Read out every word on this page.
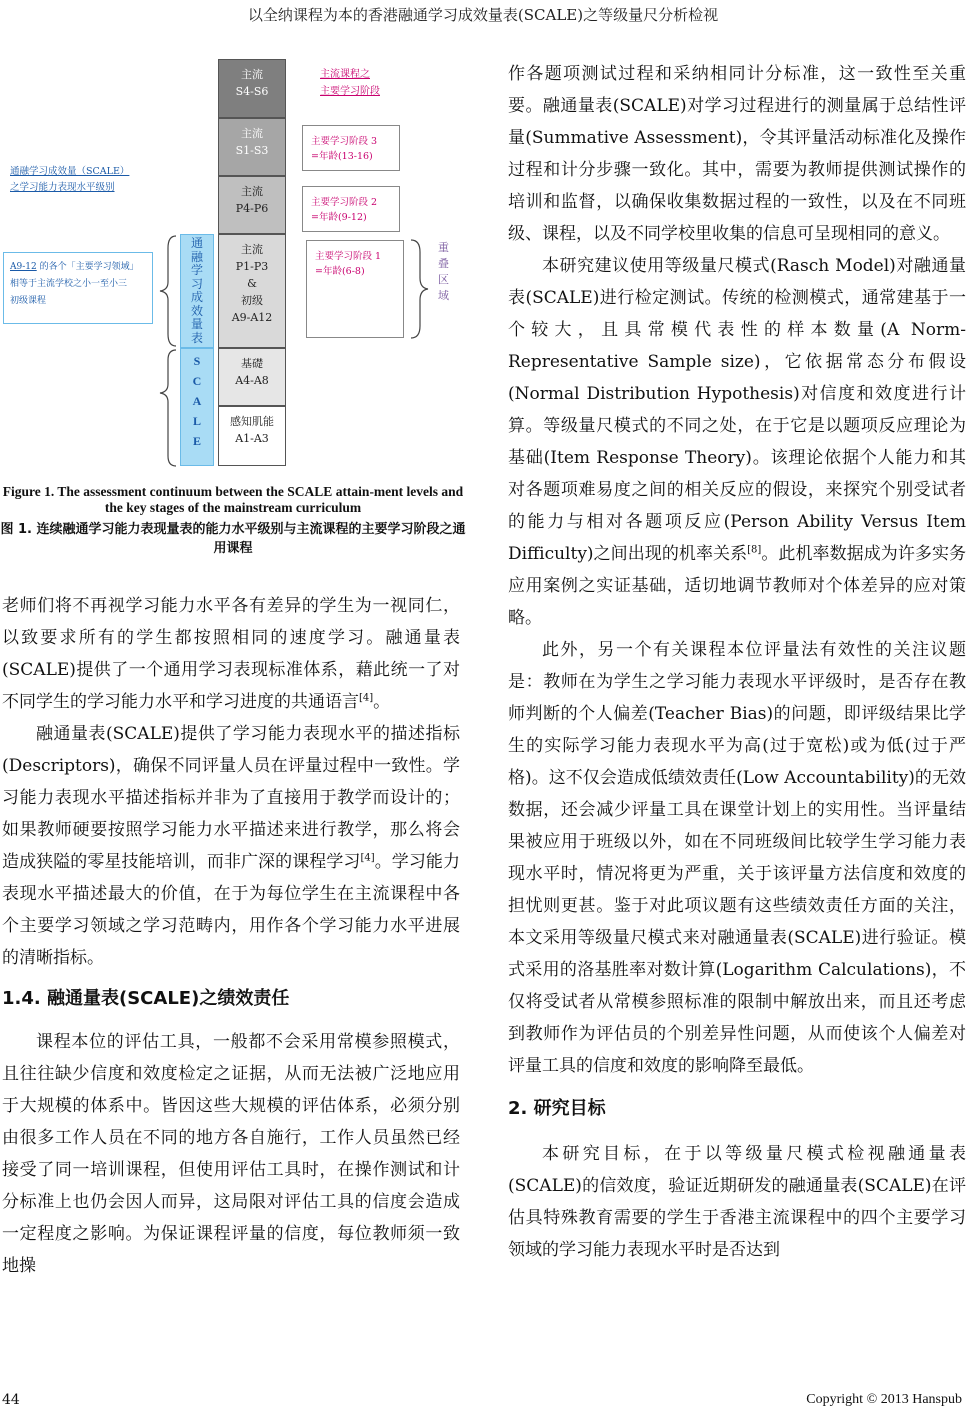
以全纳课程为本的香港融通学习成效量表(SCALE)之等级量尺分析检视
主流
S4-S6
主流
S1-S3
主流
P4-P6
主流
P1-P3
&
初级
A9-A12
基礎
A4-A8
感知肌能
A1-A3
主流课程之
主要学习阶段
主要学习阶段 3
=年龄(13-16)
主要学习阶段 2
=年龄(9-12)
主要学习阶段 1
=年龄(6-8)
重
叠
区
域
通融学习成效量（SCALE）
之学习能力表现水平级别
A9-12 的各个「主要学习领域」
相等于主流学校之小一至小三
初级课程
通
融
学
习
成
效
量
表
S
C
A
L
E
Figure 1. The assessment continuum between the SCALE attain-ment levels and the key stages of the mainstream curriculum
图 1. 连续融通学习能力表现量表的能力水平级别与主流课程的主要学习阶段之通用课程

老师们将不再视学习能力水平各有差异的学生为一视同仁，以致要求所有的学生都按照相同的速度学习。融通量表(SCALE)提供了一个通用学习表现标准体系，藉此统一了对不同学生的学习能力水平和学习进度的共通语言[4]。

融通量表(SCALE)提供了学习能力表现水平的描述指标(Descriptors)，确保不同评量人员在评量过程中一致性。学习能力表现水平描述指标并非为了直接用于教学而设计的；如果教师硬要按照学习能力水平描述来进行教学，那么将会造成狭隘的零星技能培训，而非广深的课程学习[4]。学习能力表现水平描述最大的价值，在于为每位学生在主流课程中各个主要学习领域之学习范畴内，用作各个学习能力水平进展的清晰指标。

1.4. 融通量表(SCALE)之绩效责任

课程本位的评估工具，一般都不会采用常模参照模式，且往往缺少信度和效度检定之证据，从而无法被广泛地应用于大规模的体系中。皆因这些大规模的评估体系，必须分别由很多工作人员在不同的地方各自施行，工作人员虽然已经接受了同一培训课程，但使用评估工具时，在操作测试和计分标准上也仍会因人而异，这局限对评估工具的信度会造成一定程度之影响。为保证课程评量的信度，每位教师须一致地操

作各题项测试过程和采纳相同计分标准，这一致性至关重要。融通量表(SCALE)对学习过程进行的测量属于总结性评量(Summative Assessment)，令其评量活动标准化及操作过程和计分步骤一致化。其中，需要为教师提供测试操作的培训和监督，以确保收集数据过程的一致性，以及在不同班级、课程，以及不同学校里收集的信息可呈现相同的意义。

本研究建议使用等级量尺模式(Rasch Model)对融通量表(SCALE)进行检定测试。传统的检测模式，通常建基于一个较大，且具常模代表性的样本数量(A Norm-Representative Sample size)，它依据常态分布假设(Normal Distribution Hypothesis)对信度和效度进行计算。等级量尺模式的不同之处，在于它是以题项反应理论为基础(Item Response Theory)。该理论依据个人能力和其对各题项难易度之间的相关反应的假设，来探究个别受试者的能力与相对各题项反应(Person Ability Versus Item Difficulty)之间出现的机率关系[8]。此机率数据成为许多实务应用案例之实证基础，适切地调节教师对个体差异的应对策略。

此外，另一个有关课程本位评量法有效性的关注议题是：教师在为学生之学习能力表现水平评级时，是否存在教师判断的个人偏差(Teacher Bias)的问题，即评级结果比学生的实际学习能力表现水平为高(过于宽松)或为低(过于严格)。这不仅会造成低绩效责任(Low Accountability)的无效数据，还会减少评量工具在课堂计划上的实用性。当评量结果被应用于班级以外，如在不同班级间比较学生学习能力表现水平时，情况将更为严重，关于该评量方法信度和效度的担忧则更甚。鉴于对此项议题有这些绩效责任方面的关注，本文采用等级量尺模式来对融通量表(SCALE)进行验证。模式采用的洛基胜率对数计算(Logarithm Calculations)，不仅将受试者从常模参照标准的限制中解放出来，而且还考虑到教师作为评估员的个别差异性问题，从而使该个人偏差对评量工具的信度和效度的影响降至最低。

2. 研究目标

本研究目标，在于以等级量尺模式检视融通量表(SCALE)的信效度，验证近期研发的融通量表(SCALE)在评估具特殊教育需要的学生于香港主流课程中的四个主要学习领域的学习能力表现水平时是否达到

44	Copyright © 2013 Hanspub
